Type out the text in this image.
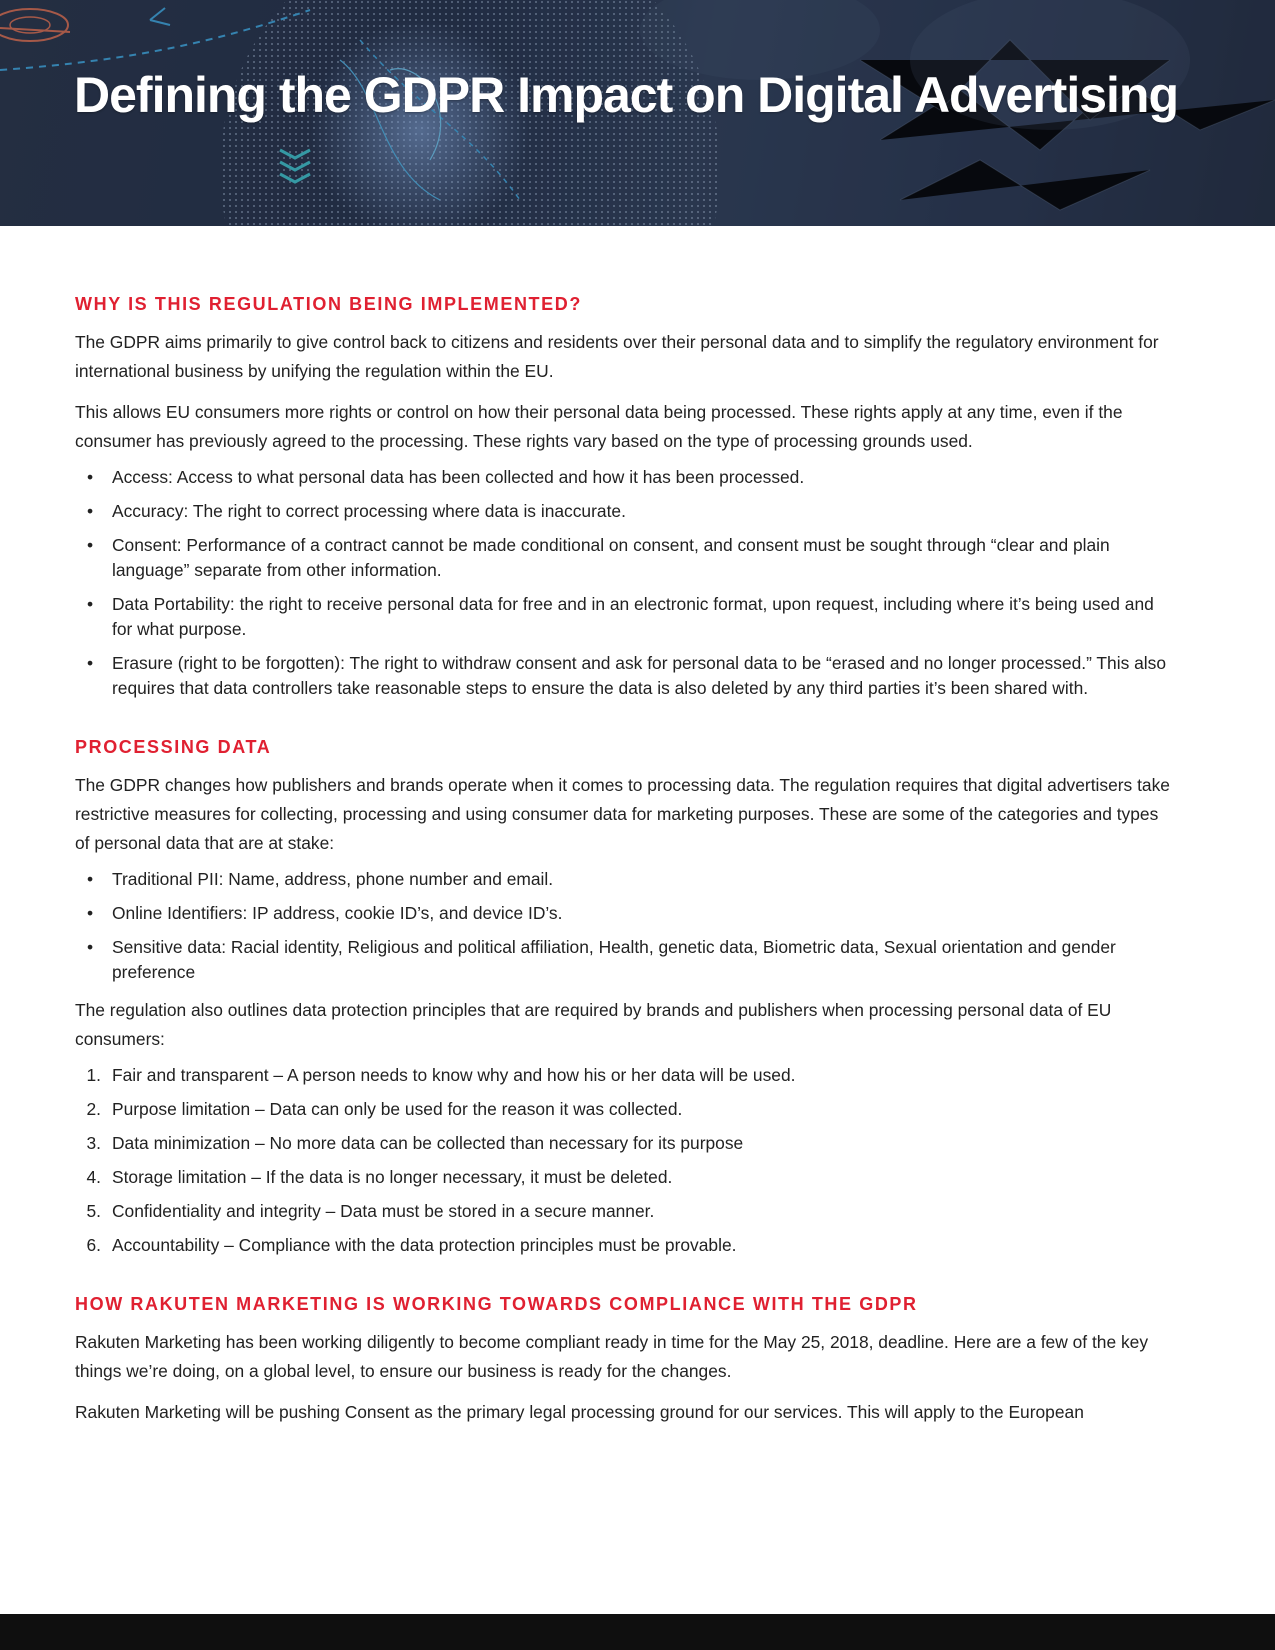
Defining the GDPR Impact on Digital Advertising
WHY IS THIS REGULATION BEING IMPLEMENTED?

The GDPR aims primarily to give control back to citizens and residents over their personal data and to simplify the regulatory environment for international business by unifying the regulation within the EU.

This allows EU consumers more rights or control on how their personal data being processed. These rights apply at any time, even if the consumer has previously agreed to the processing. These rights vary based on the type of processing grounds used.

•	Access: Access to what personal data has been collected and how it has been processed.
•	Accuracy: The right to correct processing where data is inaccurate.
•	Consent: Performance of a contract cannot be made conditional on consent, and consent must be sought through “clear and plain language” separate from other information.
•	Data Portability: the right to receive personal data for free and in an electronic format, upon request, including where it’s being used and for what purpose.
•	Erasure (right to be forgotten): The right to withdraw consent and ask for personal data to be “erased and no longer processed.” This also requires that data controllers take reasonable steps to ensure the data is also deleted by any third parties it’s been shared with.
PROCESSING DATA

The GDPR changes how publishers and brands operate when it comes to processing data. The regulation requires that digital advertisers take restrictive measures for collecting, processing and using consumer data for marketing purposes. These are some of the categories and types of personal data that are at stake:

•	Traditional PII: Name, address, phone number and email.
•	Online Identifiers: IP address, cookie ID’s, and device ID’s.
•	Sensitive data: Racial identity, Religious and political affiliation, Health, genetic data, Biometric data, Sexual orientation and gender preference

The regulation also outlines data protection principles that are required by brands and publishers when processing personal data of EU consumers:

1. Fair and transparent – A person needs to know why and how his or her data will be used.
2. Purpose limitation – Data can only be used for the reason it was collected.
3. Data minimization – No more data can be collected than necessary for its purpose
4. Storage limitation – If the data is no longer necessary, it must be deleted.
5. Confidentiality and integrity – Data must be stored in a secure manner.
6. Accountability – Compliance with the data protection principles must be provable.
HOW RAKUTEN MARKETING IS WORKING TOWARDS COMPLIANCE WITH THE GDPR

Rakuten Marketing has been working diligently to become compliant ready in time for the May 25, 2018, deadline. Here are a few of the key things we’re doing, on a global level, to ensure our business is ready for the changes.

Rakuten Marketing will be pushing Consent as the primary legal processing ground for our services. This will apply to the European
